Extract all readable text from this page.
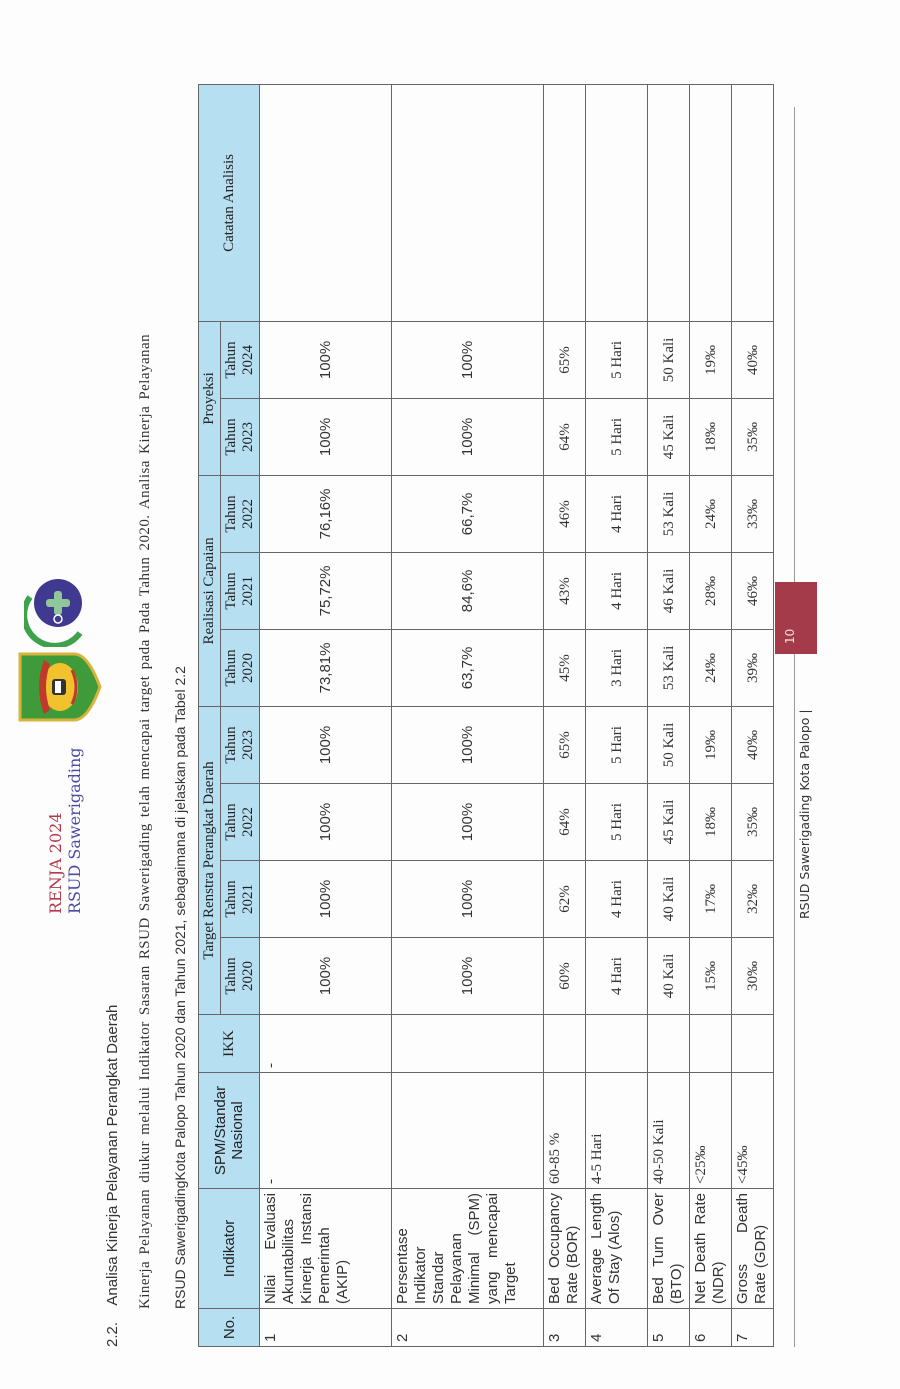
RENJA 2024 RSUD Sawerigading
2.2. Analisa Kinerja Pelayanan Perangkat Daerah Kinerja Pelayanan diukur melalui Indikator Sasaran RSUD Sawerigading telah mencapai target pada Pada Tahun 2020. Analisa Kinerja Pelayanan RSUD SawerigadingKota Palopo Tahun 2020 dan Tahun 2021, sebagaimana di jelaskan pada Tabel 2.2
No.	Indikator	SPM/Standar Nasional	IKK	Target Renstra Perangkat Daerah				Realisasi Capaian			Proyeksi		Catatan Analisis
				Tahun 2020	Tahun 2021	Tahun 2022	Tahun 2023	Tahun 2020	Tahun 2021	Tahun 2022	Tahun 2023	Tahun 2024	
1	Nilai Evaluasi Akuntabilitas Kinerja Instansi Pemerintah (AKIP)	-	-	100%	100%	100%	100%	73,81%	75,72%	76,16%	100%	100%	
2	Persentase Indikator Standar Pelayanan Minimal (SPM) yang mencapai Target			100%	100%	100%	100%	63,7%	84,6%	66,7%	100%	100%	
3	Bed Occupancy Rate (BOR)	60-85 %		60%	62%	64%	65%	45%	43%	46%	64%	65%	
4	Average Length Of Stay (Alos)	4-5 Hari		4 Hari	4 Hari	5 Hari	5 Hari	3 Hari	4 Hari	4 Hari	5 Hari	5 Hari	
5	Bed Turn Over (BTO)	40-50 Kali		40 Kali	40 Kali	45 Kali	50 Kali	53 Kali	46 Kali	53 Kali	45 Kali	50 Kali	
6	Net Death Rate (NDR)	<25‰		15‰	17‰	18‰	19‰	24‰	28‰	24‰	18‰	19‰	
7	Gross Death Rate (GDR)	<45‰		30‰	32‰	35‰	40‰	39‰	46‰	33‰	35‰	40‰	
RSUD Sawerigading Kota Palopo |
10
